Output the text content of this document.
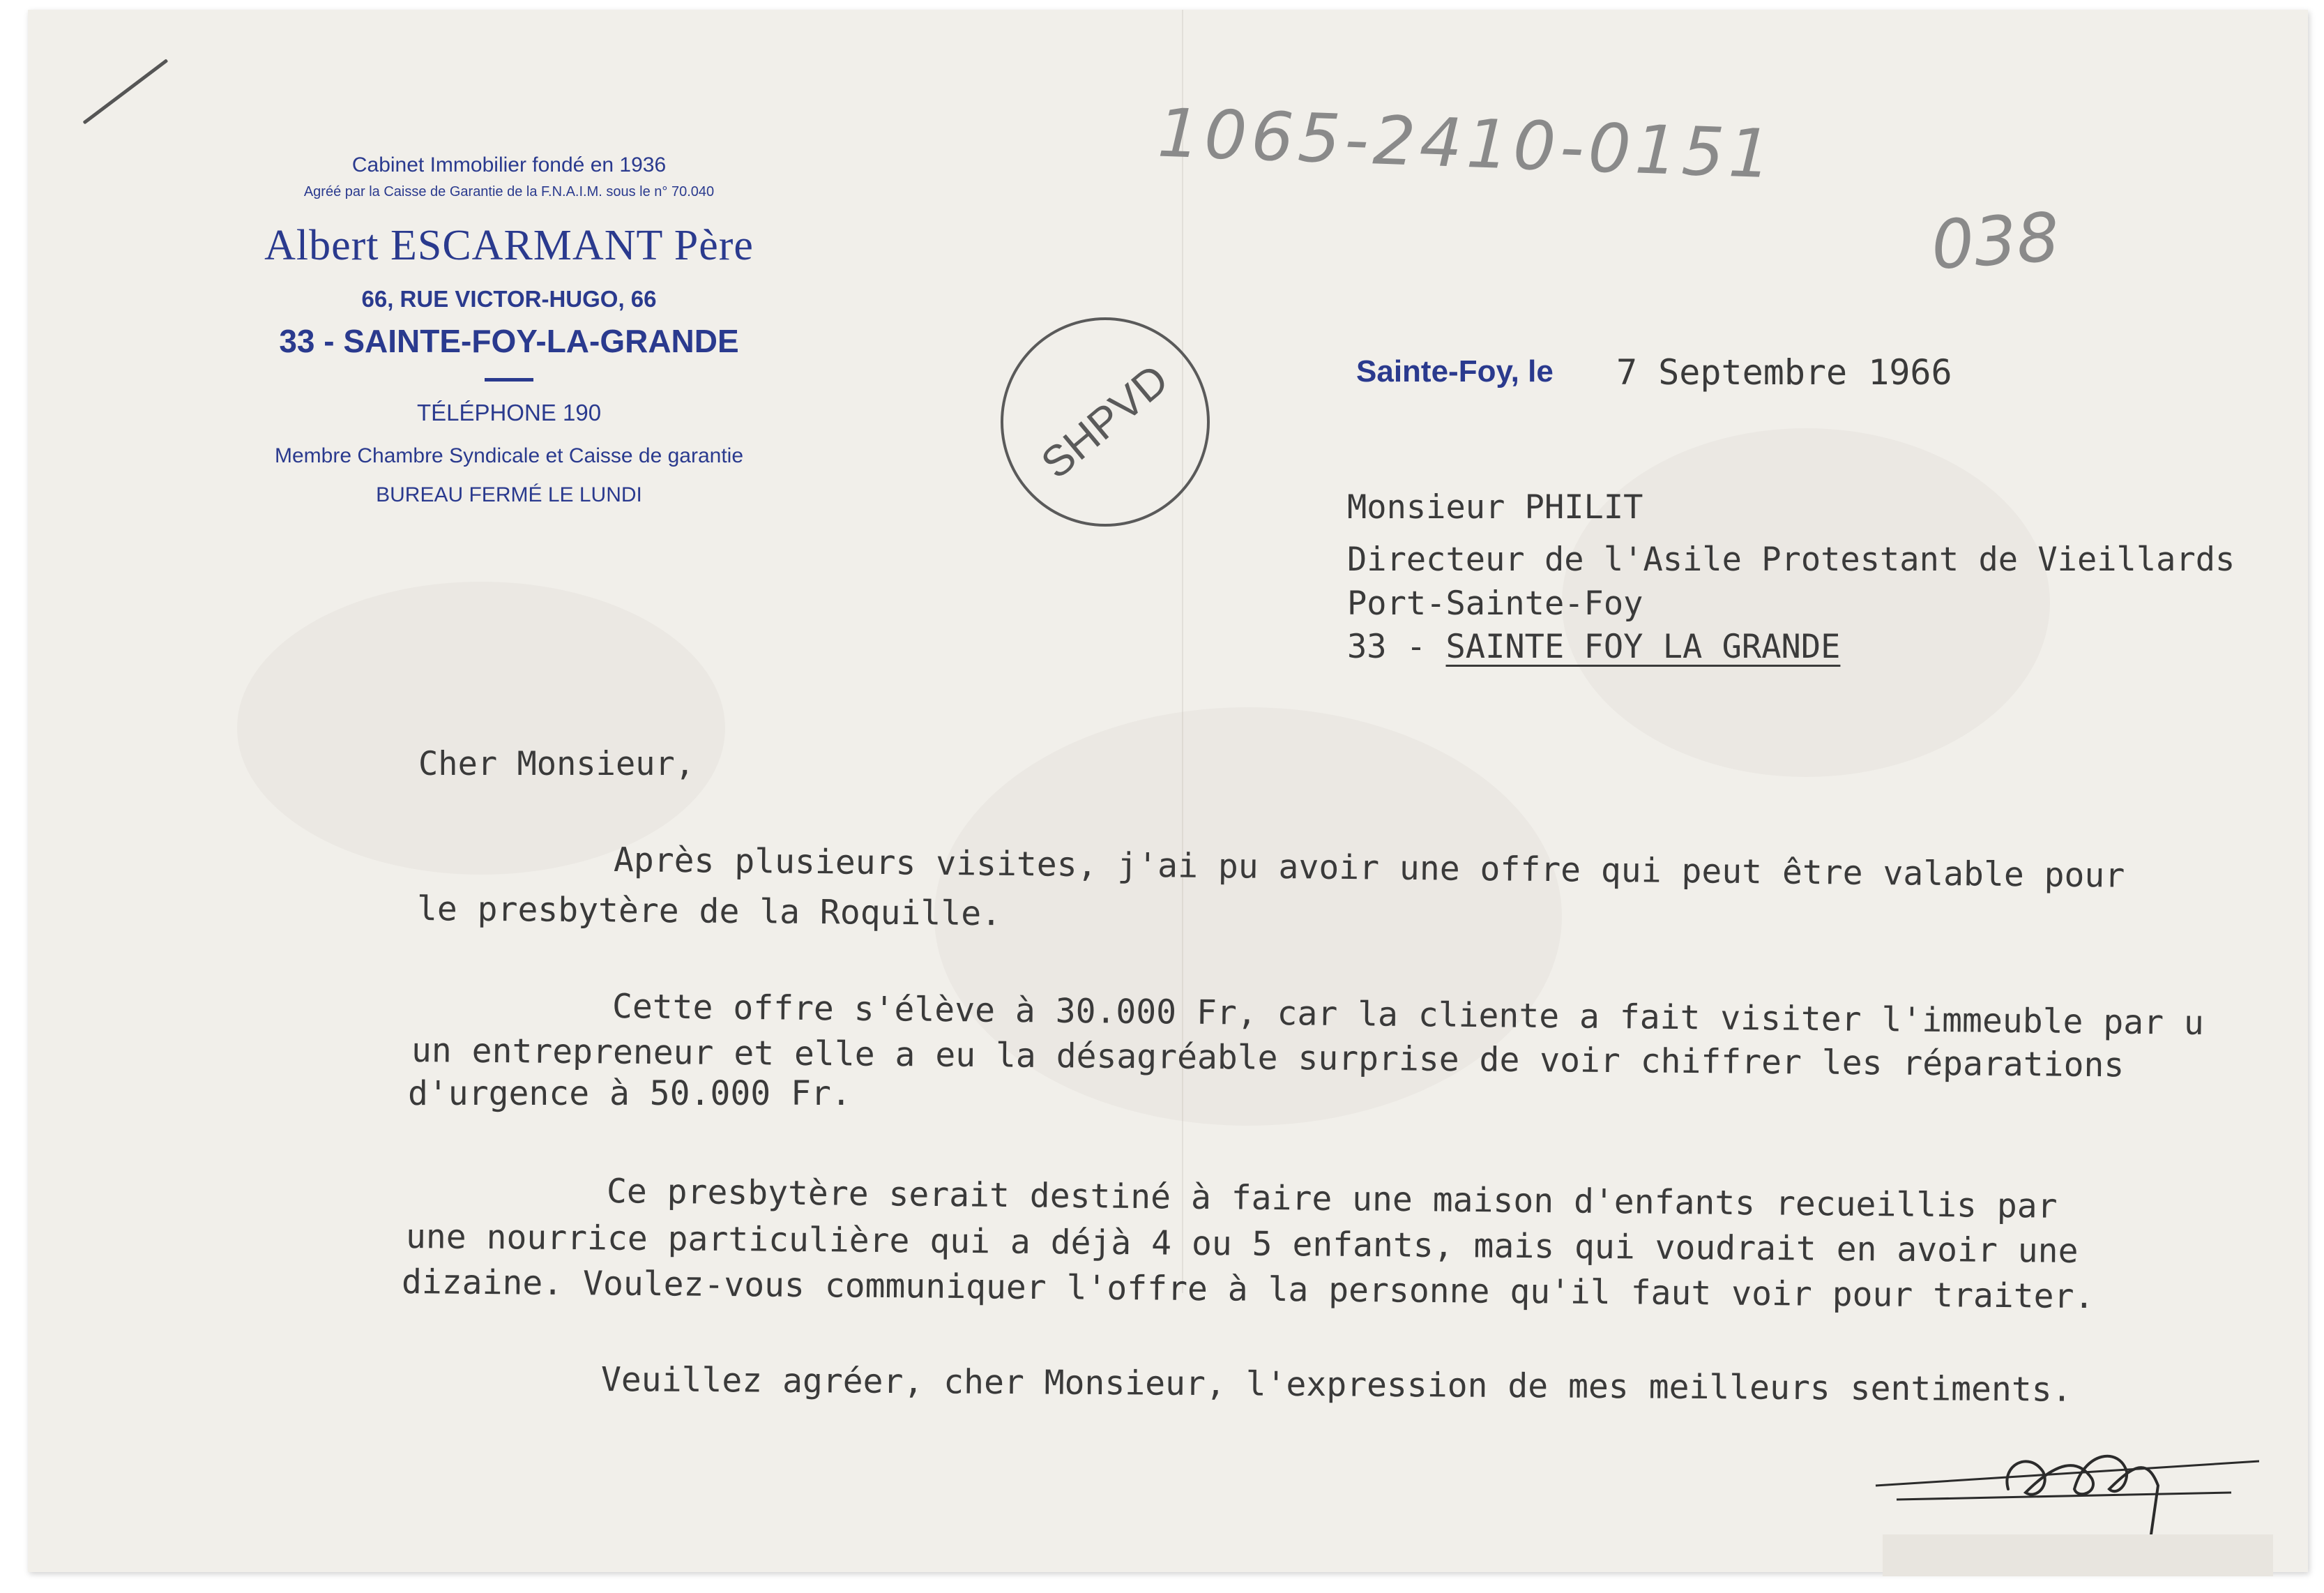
Cabinet Immobilier fondé en 1936
Agréé par la Caisse de Garantie de la F.N.A.I.M. sous le n° 70.040
Albert ESCARMANT Père
66, RUE VICTOR-HUGO, 66
33 - SAINTE-FOY-LA-GRANDE
TÉLÉPHONE 190
Membre Chambre Syndicale et Caisse de garantie
BUREAU FERMÉ LE LUNDI
1065-2410-0151
038
SHPVD	Sainte-Foy, le 7 Septembre 1966
Monsieur PHILIT
Directeur de l'Asile Protestant de Vieillards
Port-Sainte-Foy
33 - SAINTE FOY LA GRANDE
Cher Monsieur,
Après plusieurs visites, j'ai pu avoir une offre qui peut être valable pour
le presbytère de la Roquille.
Cette offre s'élève à 30.000 Fr, car la cliente a fait visiter l'immeuble par u
un entrepreneur et elle a eu la désagréable surprise de voir chiffrer les réparations
d'urgence à 50.000 Fr.
Ce presbytère serait destiné à faire une maison d'enfants recueillis par
une nourrice particulière qui a déjà 4 ou 5 enfants, mais qui voudrait en avoir une
dizaine. Voulez-vous communiquer l'offre à la personne qu'il faut voir pour traiter.
Veuillez agréer, cher Monsieur, l'expression de mes meilleurs sentiments.
